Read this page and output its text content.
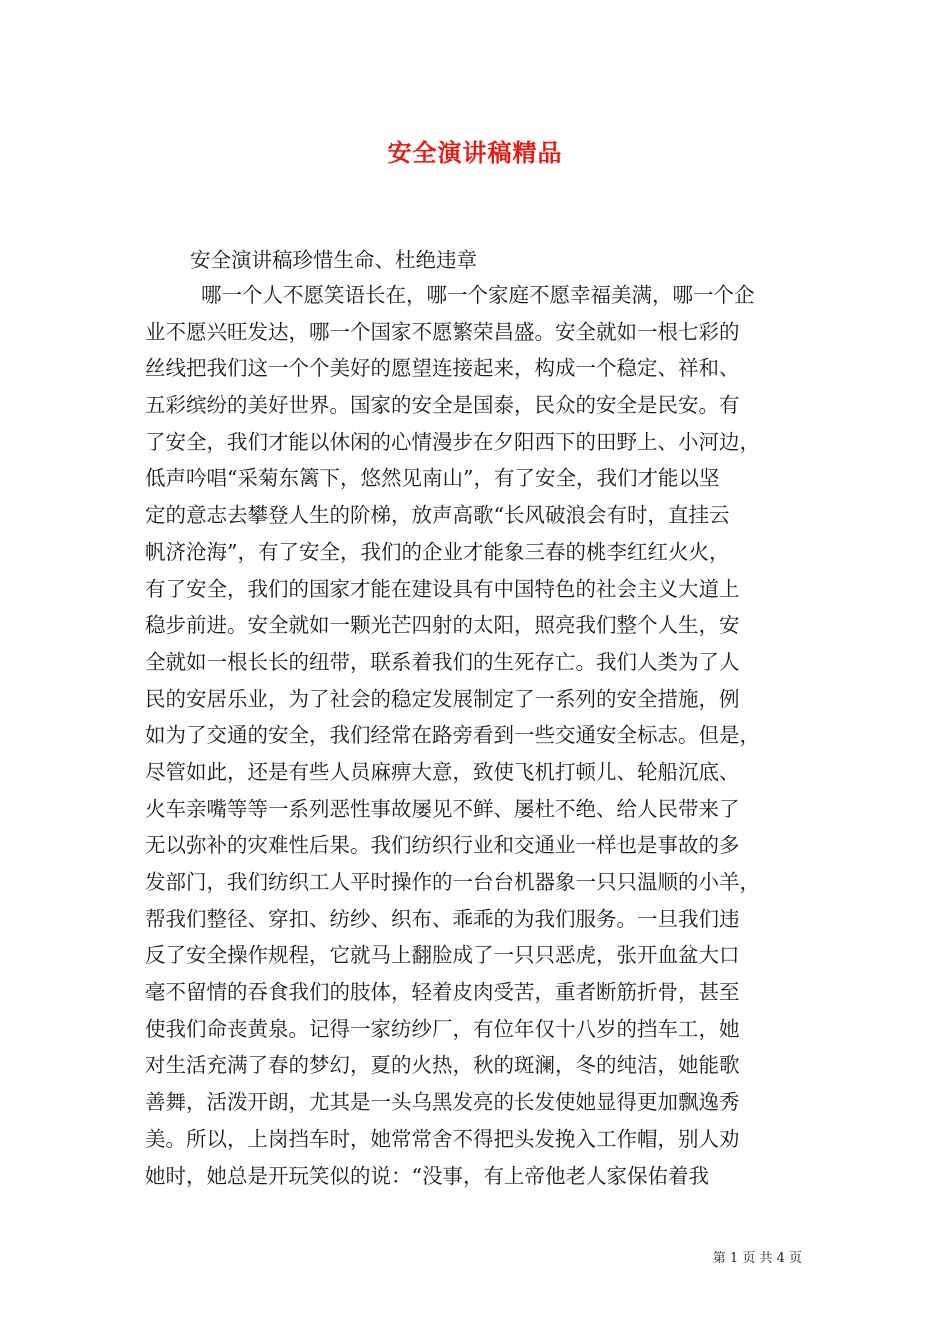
安全演讲稿精品
安全演讲稿珍惜生命、杜绝违章
哪一个人不愿笑语长在，哪一个家庭不愿幸福美满，哪一个企
业不愿兴旺发达，哪一个国家不愿繁荣昌盛。安全就如一根七彩的
丝线把我们这一个个美好的愿望连接起来，构成一个稳定、祥和、
五彩缤纷的美好世界。国家的安全是国泰，民众的安全是民安。有
了安全，我们才能以休闲的心情漫步在夕阳西下的田野上、小河边，
低声吟唱“采菊东篱下，悠然见南山”，有了安全，我们才能以坚
定的意志去攀登人生的阶梯，放声高歌“长风破浪会有时，直挂云
帆济沧海”，有了安全，我们的企业才能象三春的桃李红红火火，
有了安全，我们的国家才能在建设具有中国特色的社会主义大道上
稳步前进。安全就如一颗光芒四射的太阳，照亮我们整个人生，安
全就如一根长长的纽带，联系着我们的生死存亡。我们人类为了人
民的安居乐业，为了社会的稳定发展制定了一系列的安全措施，例
如为了交通的安全，我们经常在路旁看到一些交通安全标志。但是，
尽管如此，还是有些人员麻痹大意，致使飞机打顿儿、轮船沉底、
火车亲嘴等等一系列恶性事故屡见不鲜、屡杜不绝、给人民带来了
无以弥补的灾难性后果。我们纺织行业和交通业一样也是事故的多
发部门，我们纺织工人平时操作的一台台机器象一只只温顺的小羊，
帮我们整径、穿扣、纺纱、织布、乖乖的为我们服务。一旦我们违
反了安全操作规程，它就马上翻脸成了一只只恶虎，张开血盆大口
毫不留情的吞食我们的肢体，轻着皮肉受苦，重者断筋折骨，甚至
使我们命丧黄泉。记得一家纺纱厂，有位年仅十八岁的挡车工，她
对生活充满了春的梦幻，夏的火热，秋的斑澜，冬的纯洁，她能歌
善舞，活泼开朗，尤其是一头乌黑发亮的长发使她显得更加飘逸秀
美。所以，上岗挡车时，她常常舍不得把头发挽入工作帽，别人劝
她时，她总是开玩笑似的说：“没事，有上帝他老人家保佑着我
第 1 页 共 4 页
